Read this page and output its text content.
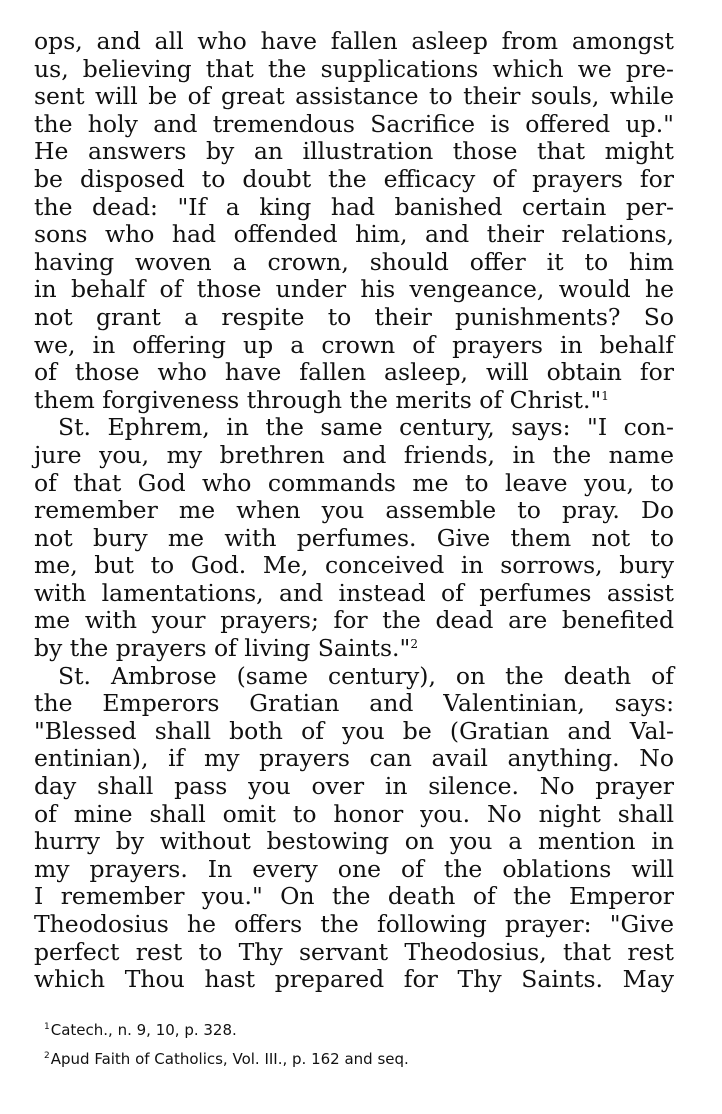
ops, and all who have fallen asleep from amongst
us, believing that the supplications which we pre-
sent will be of great assistance to their souls, while
the holy and tremendous Sacrifice is offered up."
He answers by an illustration those that might
be disposed to doubt the efficacy of prayers for
the dead: "If a king had banished certain per-
sons who had offended him, and their relations,
having woven a crown, should offer it to him
in behalf of those under his vengeance, would he
not grant a respite to their punishments? So
we, in offering up a crown of prayers in behalf
of those who have fallen asleep, will obtain for
them forgiveness through the merits of Christ."$^1$
St. Ephrem, in the same century, says: "I con-
jure you, my brethren and friends, in the name
of that God who commands me to leave you, to
remember me when you assemble to pray. Do
not bury me with perfumes. Give them not to
me, but to God. Me, conceived in sorrows, bury
with lamentations, and instead of perfumes assist
me with your prayers; for the dead are benefited
by the prayers of living Saints."$^2$
St. Ambrose (same century), on the death of
the Emperors Gratian and Valentinian, says:
"Blessed shall both of you be (Gratian and Val-
entinian), if my prayers can avail anything. No
day shall pass you over in silence. No prayer
of mine shall omit to honor you. No night shall
hurry by without bestowing on you a mention in
my prayers. In every one of the oblations will
I remember you." On the death of the Emperor
Theodosius he offers the following prayer: "Give
perfect rest to Thy servant Theodosius, that rest
which Thou hast prepared for Thy Saints. May
$^1$Catech., n. 9, 10, p. 328.
$^2$Apud Faith of Catholics, Vol. III., p. 162 and seq.
